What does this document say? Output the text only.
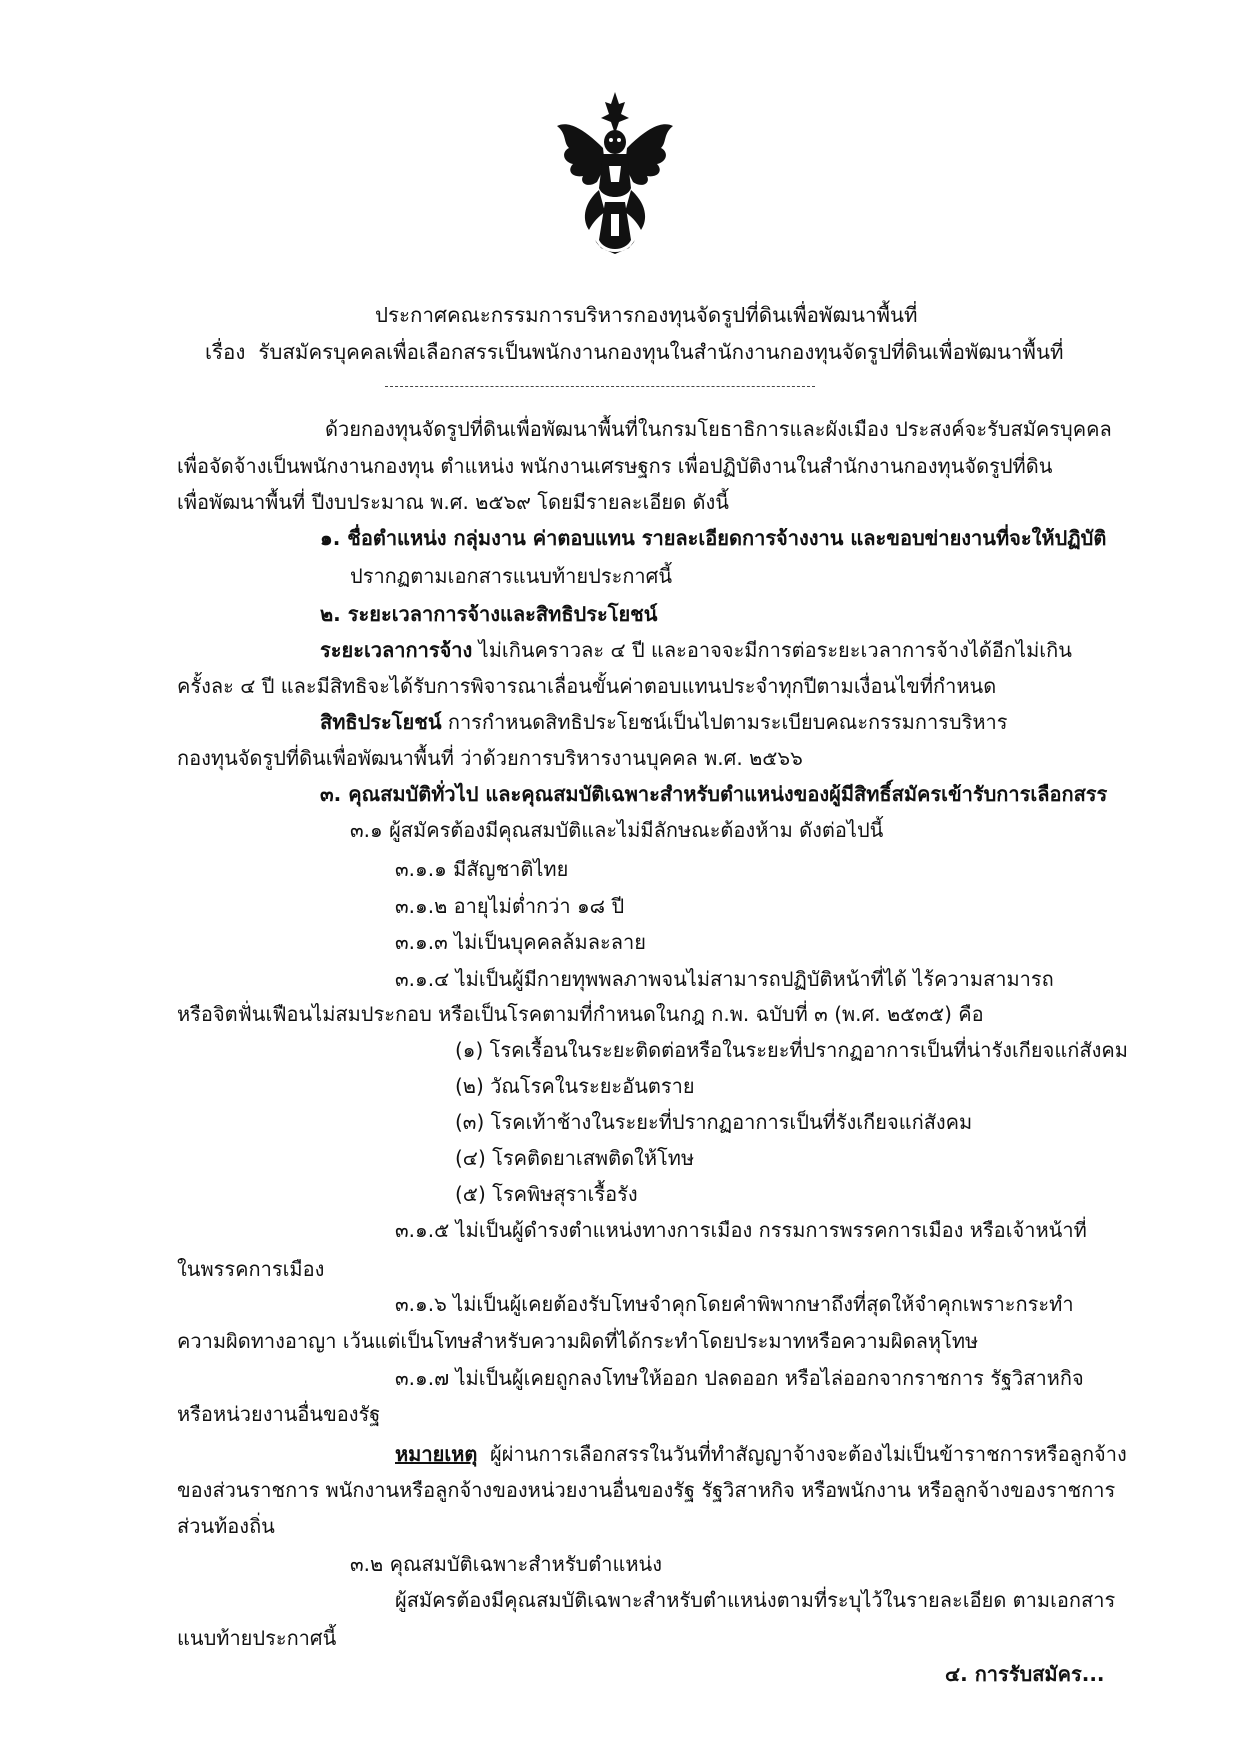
ประกาศคณะกรรมการบริหารกองทุนจัดรูปที่ดินเพื่อพัฒนาพื้นที่
เรื่อง รับสมัครบุคคลเพื่อเลือกสรรเป็นพนักงานกองทุนในสำนักงานกองทุนจัดรูปที่ดินเพื่อพัฒนาพื้นที่
ด้วยกองทุนจัดรูปที่ดินเพื่อพัฒนาพื้นที่ในกรมโยธาธิการและผังเมือง ประสงค์จะรับสมัครบุคคล
เพื่อจัดจ้างเป็นพนักงานกองทุน ตำแหน่ง พนักงานเศรษฐกร เพื่อปฏิบัติงานในสำนักงานกองทุนจัดรูปที่ดิน
เพื่อพัฒนาพื้นที่ ปีงบประมาณ พ.ศ. ๒๕๖๙ โดยมีรายละเอียด ดังนี้
๑. ชื่อตำแหน่ง กลุ่มงาน ค่าตอบแทน รายละเอียดการจ้างงาน และขอบข่ายงานที่จะให้ปฏิบัติ
ปรากฏตามเอกสารแนบท้ายประกาศนี้
๒. ระยะเวลาการจ้างและสิทธิประโยชน์
ระยะเวลาการจ้าง ไม่เกินคราวละ ๔ ปี และอาจจะมีการต่อระยะเวลาการจ้างได้อีกไม่เกิน
ครั้งละ ๔ ปี และมีสิทธิจะได้รับการพิจารณาเลื่อนขั้นค่าตอบแทนประจำทุกปีตามเงื่อนไขที่กำหนด
สิทธิประโยชน์ การกำหนดสิทธิประโยชน์เป็นไปตามระเบียบคณะกรรมการบริหาร
กองทุนจัดรูปที่ดินเพื่อพัฒนาพื้นที่ ว่าด้วยการบริหารงานบุคคล พ.ศ. ๒๕๖๖
๓. คุณสมบัติทั่วไป และคุณสมบัติเฉพาะสำหรับตำแหน่งของผู้มีสิทธิ์สมัครเข้ารับการเลือกสรร
๓.๑ ผู้สมัครต้องมีคุณสมบัติและไม่มีลักษณะต้องห้าม ดังต่อไปนี้
๓.๑.๑ มีสัญชาติไทย
๓.๑.๒ อายุไม่ต่ำกว่า ๑๘ ปี
๓.๑.๓ ไม่เป็นบุคคลล้มละลาย
๓.๑.๔ ไม่เป็นผู้มีกายทุพพลภาพจนไม่สามารถปฏิบัติหน้าที่ได้ ไร้ความสามารถ
หรือจิตฟั่นเฟือนไม่สมประกอบ หรือเป็นโรคตามที่กำหนดในกฎ ก.พ. ฉบับที่ ๓ (พ.ศ. ๒๕๓๕) คือ
(๑) โรคเรื้อนในระยะติดต่อหรือในระยะที่ปรากฏอาการเป็นที่น่ารังเกียจแก่สังคม
(๒) วัณโรคในระยะอันตราย
(๓) โรคเท้าช้างในระยะที่ปรากฏอาการเป็นที่รังเกียจแก่สังคม
(๔) โรคติดยาเสพติดให้โทษ
(๕) โรคพิษสุราเรื้อรัง
๓.๑.๕ ไม่เป็นผู้ดำรงตำแหน่งทางการเมือง กรรมการพรรคการเมือง หรือเจ้าหน้าที่
ในพรรคการเมือง
๓.๑.๖ ไม่เป็นผู้เคยต้องรับโทษจำคุกโดยคำพิพากษาถึงที่สุดให้จำคุกเพราะกระทำ
ความผิดทางอาญา เว้นแต่เป็นโทษสำหรับความผิดที่ได้กระทำโดยประมาทหรือความผิดลหุโทษ
๓.๑.๗ ไม่เป็นผู้เคยถูกลงโทษให้ออก ปลดออก หรือไล่ออกจากราชการ รัฐวิสาหกิจ
หรือหน่วยงานอื่นของรัฐ
หมายเหตุ ผู้ผ่านการเลือกสรรในวันที่ทำสัญญาจ้างจะต้องไม่เป็นข้าราชการหรือลูกจ้าง
ของส่วนราชการ พนักงานหรือลูกจ้างของหน่วยงานอื่นของรัฐ รัฐวิสาหกิจ หรือพนักงาน หรือลูกจ้างของราชการ
ส่วนท้องถิ่น
๓.๒ คุณสมบัติเฉพาะสำหรับตำแหน่ง
ผู้สมัครต้องมีคุณสมบัติเฉพาะสำหรับตำแหน่งตามที่ระบุไว้ในรายละเอียด ตามเอกสาร
แนบท้ายประกาศนี้
๔. การรับสมัคร...
